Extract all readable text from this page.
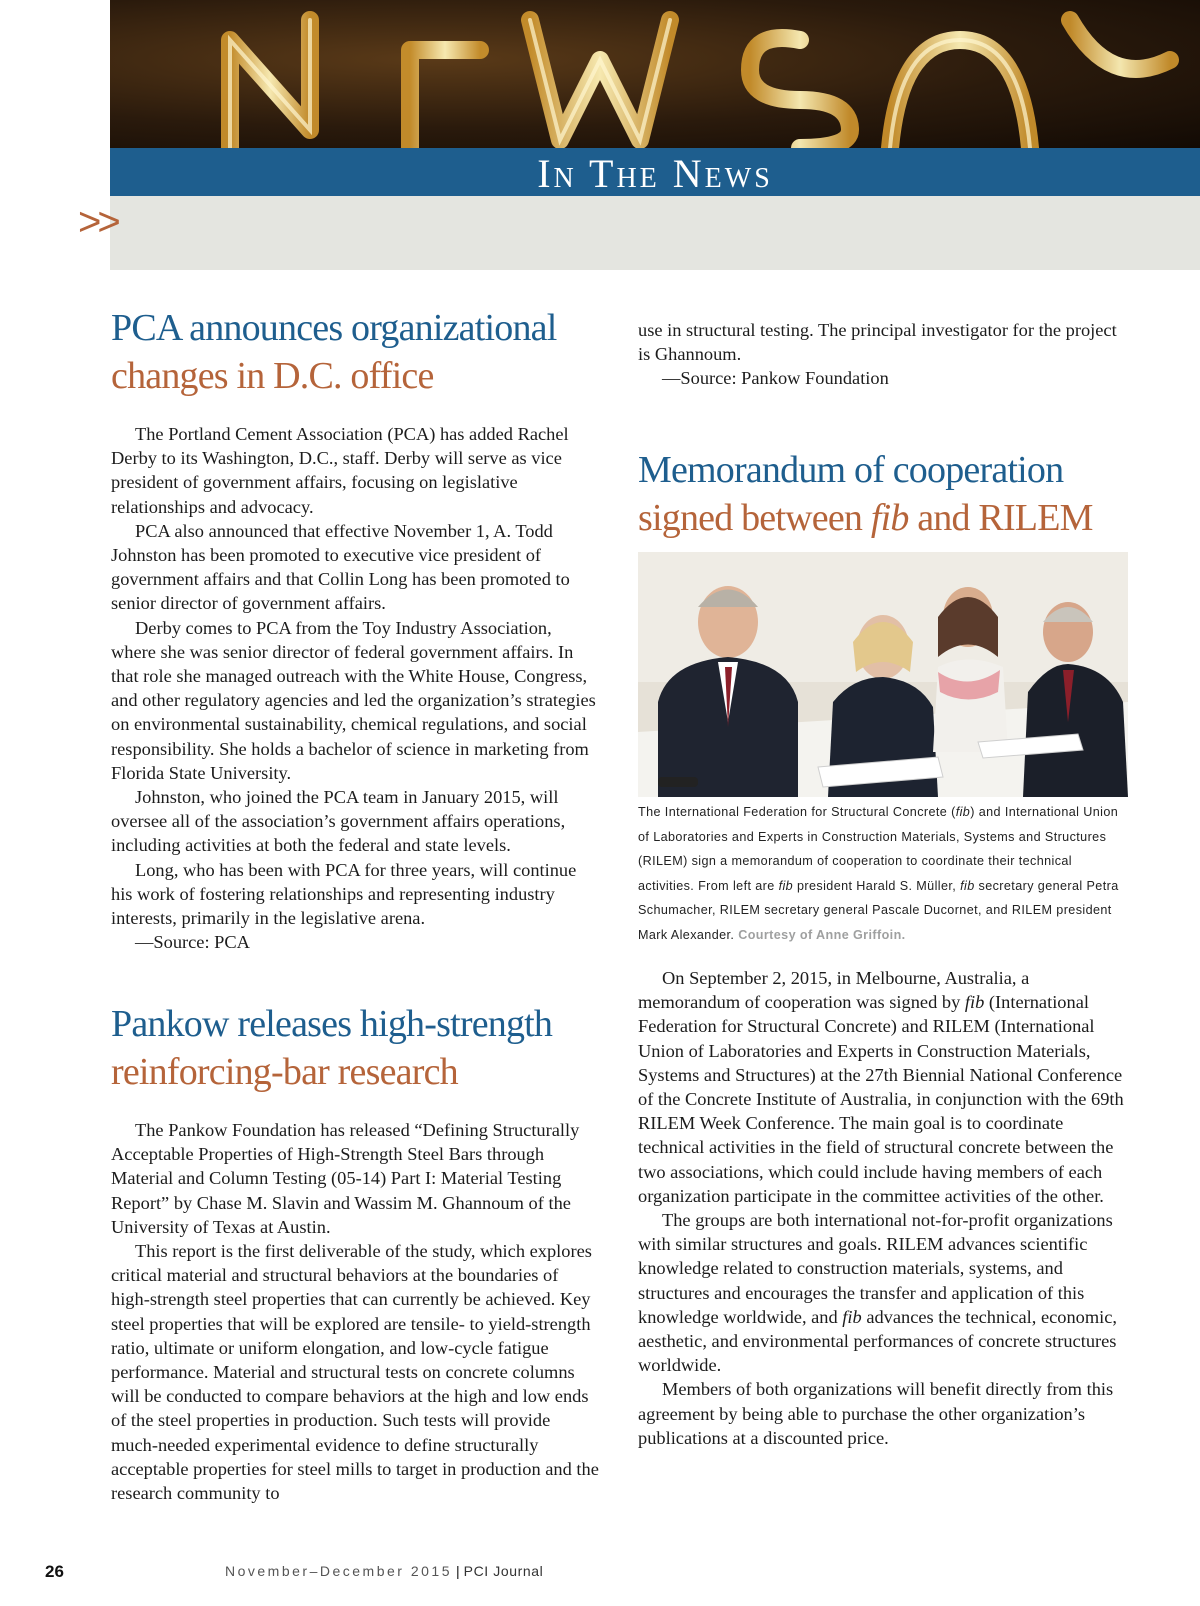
In The News
>>
PCA announces organizational
changes in D.C. office

The Portland Cement Association (PCA) has added Rachel Derby to its Washington, D.C., staff. Derby will serve as vice president of government affairs, focusing on legislative relationships and advocacy.

PCA also announced that effective November 1, A. Todd Johnston has been promoted to executive vice president of government affairs and that Collin Long has been promoted to senior director of government affairs.

Derby comes to PCA from the Toy Industry Association, where she was senior director of federal government affairs. In that role she managed outreach with the White House, Congress, and other regulatory agencies and led the organization’s strategies on environmental sustainability, chemical regulations, and social responsibility. She holds a bachelor of science in marketing from Florida State University.

Johnston, who joined the PCA team in January 2015, will oversee all of the association’s government affairs operations, including activities at both the federal and state levels.

Long, who has been with PCA for three years, will continue his work of fostering relationships and representing industry interests, primarily in the legislative arena.

—Source: PCA

Pankow releases high-strength
reinforcing-bar research

The Pankow Foundation has released “Defining Structurally Acceptable Properties of High-Strength Steel Bars through Material and Column Testing (05-14) Part I: Material Testing Report” by Chase M. Slavin and Wassim M. Ghannoum of the University of Texas at Austin.

This report is the first deliverable of the study, which explores critical material and structural behaviors at the boundaries of high-strength steel properties that can currently be achieved. Key steel properties that will be explored are tensile- to yield-strength ratio, ultimate or uniform elongation, and low-cycle fatigue performance. Material and structural tests on concrete columns will be conducted to compare behaviors at the high and low ends of the steel properties in production. Such tests will provide much-needed experimental evidence to define structurally acceptable properties for steel mills to target in production and the research community to

use in structural testing. The principal investigator for the project is Ghannoum.

—Source: Pankow Foundation

Memorandum of cooperation
signed between fib and RILEM
The International Federation for Structural Concrete (fib) and International Union of Laboratories and Experts in Construction Materials, Systems and Structures (RILEM) sign a memorandum of cooperation to coordinate their technical activities. From left are fib president Harald S. Müller, fib secretary general Petra Schumacher, RILEM secretary general Pascale Ducornet, and RILEM president Mark Alexander. Courtesy of Anne Griffoin.

On September 2, 2015, in Melbourne, Australia, a memorandum of cooperation was signed by fib (International Federation for Structural Concrete) and RILEM (International Union of Laboratories and Experts in Construction Materials, Systems and Structures) at the 27th Biennial National Conference of the Concrete Institute of Australia, in conjunction with the 69th RILEM Week Conference. The main goal is to coordinate technical activities in the field of structural concrete between the two associations, which could include having members of each organization participate in the committee activities of the other.

The groups are both international not-for-profit organizations with similar structures and goals. RILEM advances scientific knowledge related to construction materials, systems, and structures and encourages the transfer and application of this knowledge worldwide, and fib advances the technical, economic, aesthetic, and environmental performances of concrete structures worldwide.

Members of both organizations will benefit directly from this agreement by being able to purchase the other organization’s publications at a discounted price.

26	November–December 2015 | PCI Journal
